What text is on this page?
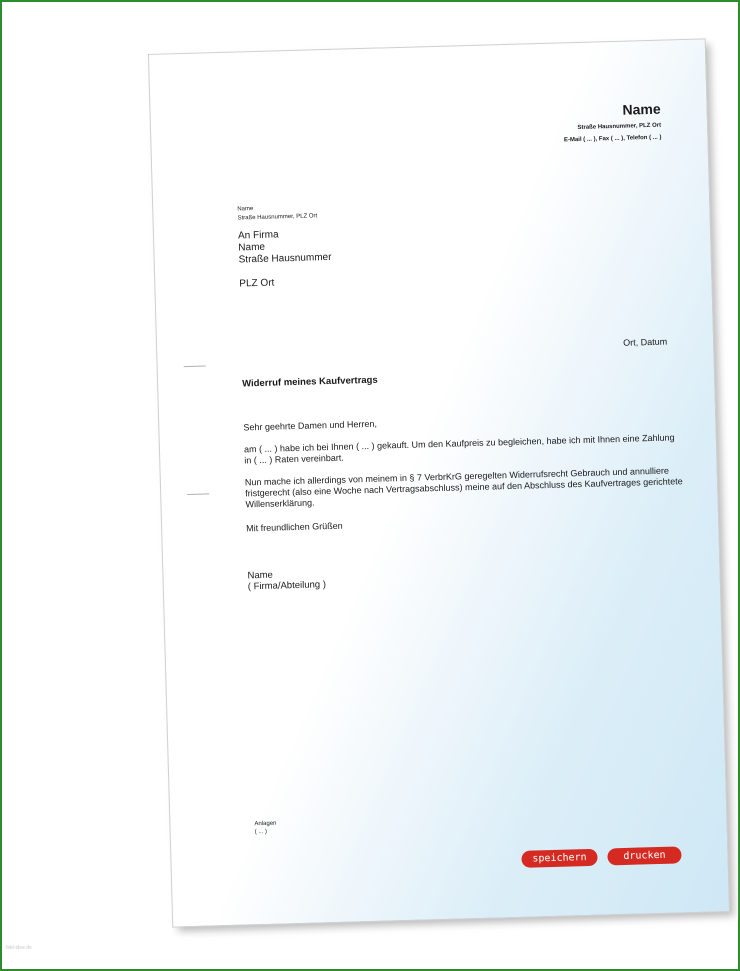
Name
Straße Hausnummer, PLZ Ort
E-Mail ( ... ), Fax ( ... ), Telefon ( ... )
Name
Straße Hausnummer, PLZ Ort
An Firma
Name
Straße Hausnummer
PLZ Ort
Ort, Datum
Widerruf meines Kaufvertrags
Sehr geehrte Damen und Herren,
am ( ... ) habe ich bei Ihnen ( ... ) gekauft. Um den Kaufpreis zu begleichen, habe ich mit Ihnen eine Zahlung in ( ... ) Raten vereinbart.
Nun mache ich allerdings von meinem in § 7 VerbrKrG geregelten Widerrufsrecht Gebrauch und annulliere fristgerecht (also eine Woche nach Vertragsabschluss) meine auf den Abschluss des Kaufvertrages gerichtete Willenserklärung.
Mit freundlichen Grüßen
Name
( Firma/Abteilung )
Anlagen
( ... )
speichern	drucken
bild-idee.de
